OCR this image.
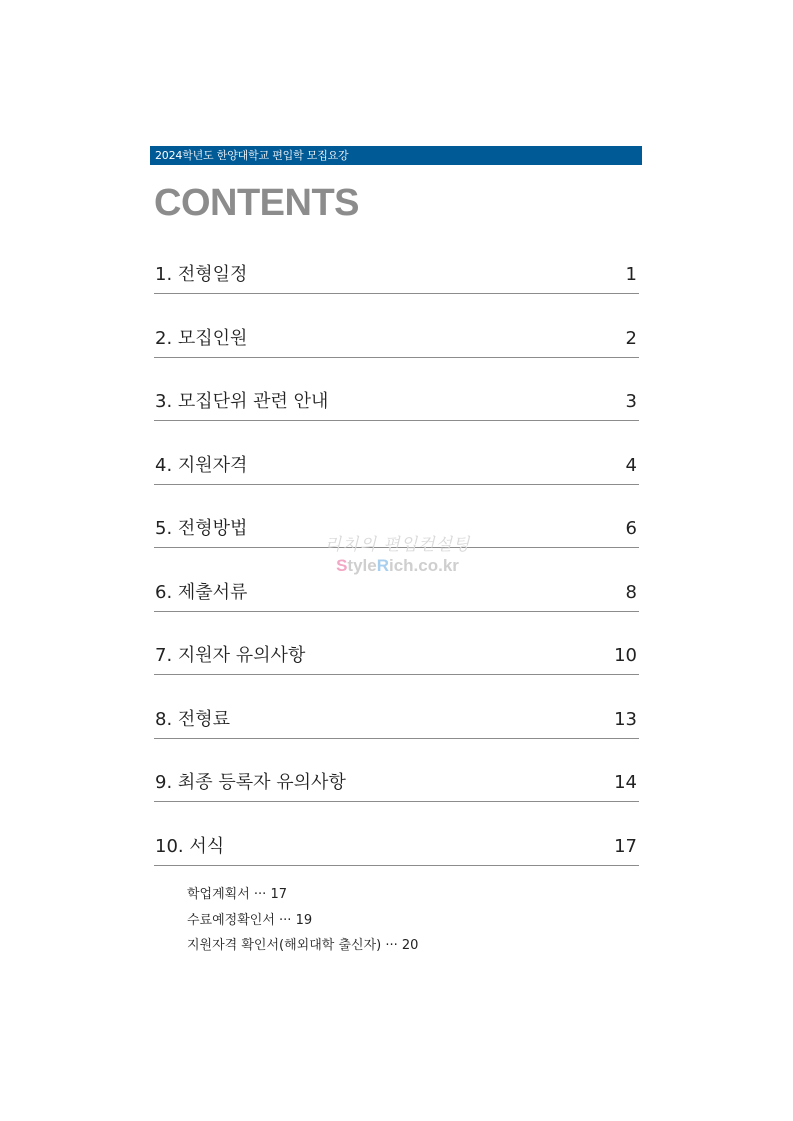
2024학년도 한양대학교 편입학 모집요강
CONTENTS
1. 전형일정	1
2. 모집인원	2
3. 모집단위 관련 안내	3
4. 지원자격	4
5. 전형방법	6
6. 제출서류	8
7. 지원자 유의사항	10
8. 전형료	13
9. 최종 등록자 유의사항	14
10. 서식	17
학업계획서 ··· 17
수료예정확인서 ··· 19
지원자격 확인서(해외대학 출신자) ··· 20
리치의 편입컨설팅
StyleRich.co.kr
